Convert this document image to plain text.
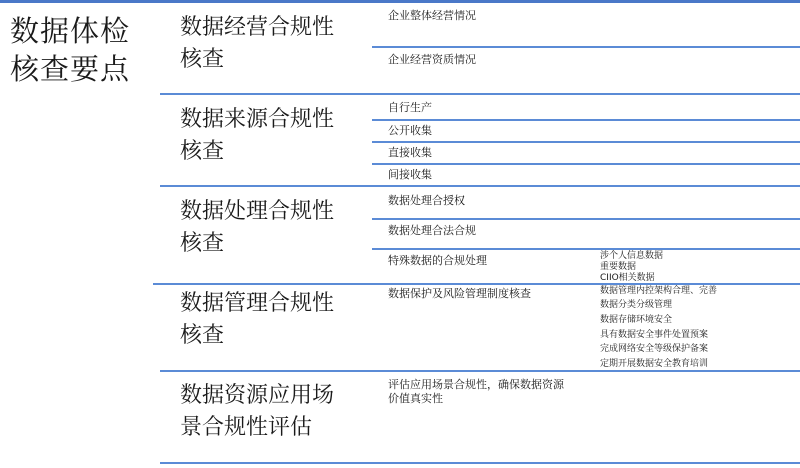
数据体检
核查要点
数据经营合规性
核查
企业整体经营情况
企业经营资质情况
数据来源合规性
核查
自行生产
公开收集
直接收集
间接收集
数据处理合规性
核查
数据处理合授权
数据处理合法合规
特殊数据的合规处理	涉个人信息数据
重要数据
CIIO相关数据
数据管理合规性
核查
数据保护及风险管理制度核查	数据管理内控架构合理、完善
数据分类分级管理
数据存储环境安全
具有数据安全事件处置预案
完成网络安全等级保护备案
定期开展数据安全教育培训
数据资源应用场
景合规性评估
评估应用场景合规性，确保数据资源
价值真实性
